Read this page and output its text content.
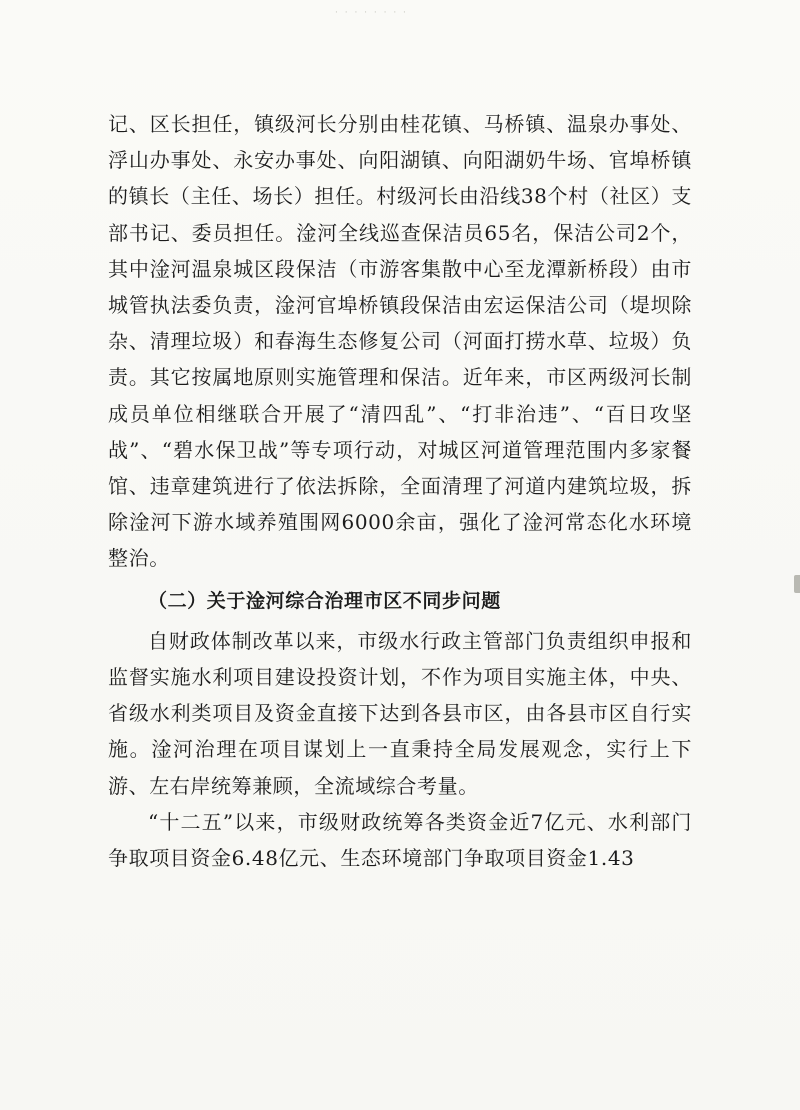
· · · · · · · ·

记、区长担任，镇级河长分别由桂花镇、马桥镇、温泉办事处、浮山办事处、永安办事处、向阳湖镇、向阳湖奶牛场、官埠桥镇的镇长（主任、场长）担任。村级河长由沿线38个村（社区）支部书记、委员担任。淦河全线巡查保洁员65名，保洁公司2个，其中淦河温泉城区段保洁（市游客集散中心至龙潭新桥段）由市城管执法委负责，淦河官埠桥镇段保洁由宏运保洁公司（堤坝除杂、清理垃圾）和春海生态修复公司（河面打捞水草、垃圾）负责。其它按属地原则实施管理和保洁。近年来，市区两级河长制成员单位相继联合开展了“清四乱”、“打非治违”、“百日攻坚战”、“碧水保卫战”等专项行动，对城区河道管理范围内多家餐馆、违章建筑进行了依法拆除，全面清理了河道内建筑垃圾，拆除淦河下游水域养殖围网6000余亩，强化了淦河常态化水环境整治。

（二）关于淦河综合治理市区不同步问题

自财政体制改革以来，市级水行政主管部门负责组织申报和监督实施水利项目建设投资计划，不作为项目实施主体，中央、省级水利类项目及资金直接下达到各县市区，由各县市区自行实施。淦河治理在项目谋划上一直秉持全局发展观念，实行上下游、左右岸统筹兼顾，全流域综合考量。

“十二五”以来，市级财政统筹各类资金近7亿元、水利部门争取项目资金6.48亿元、生态环境部门争取项目资金1.43
